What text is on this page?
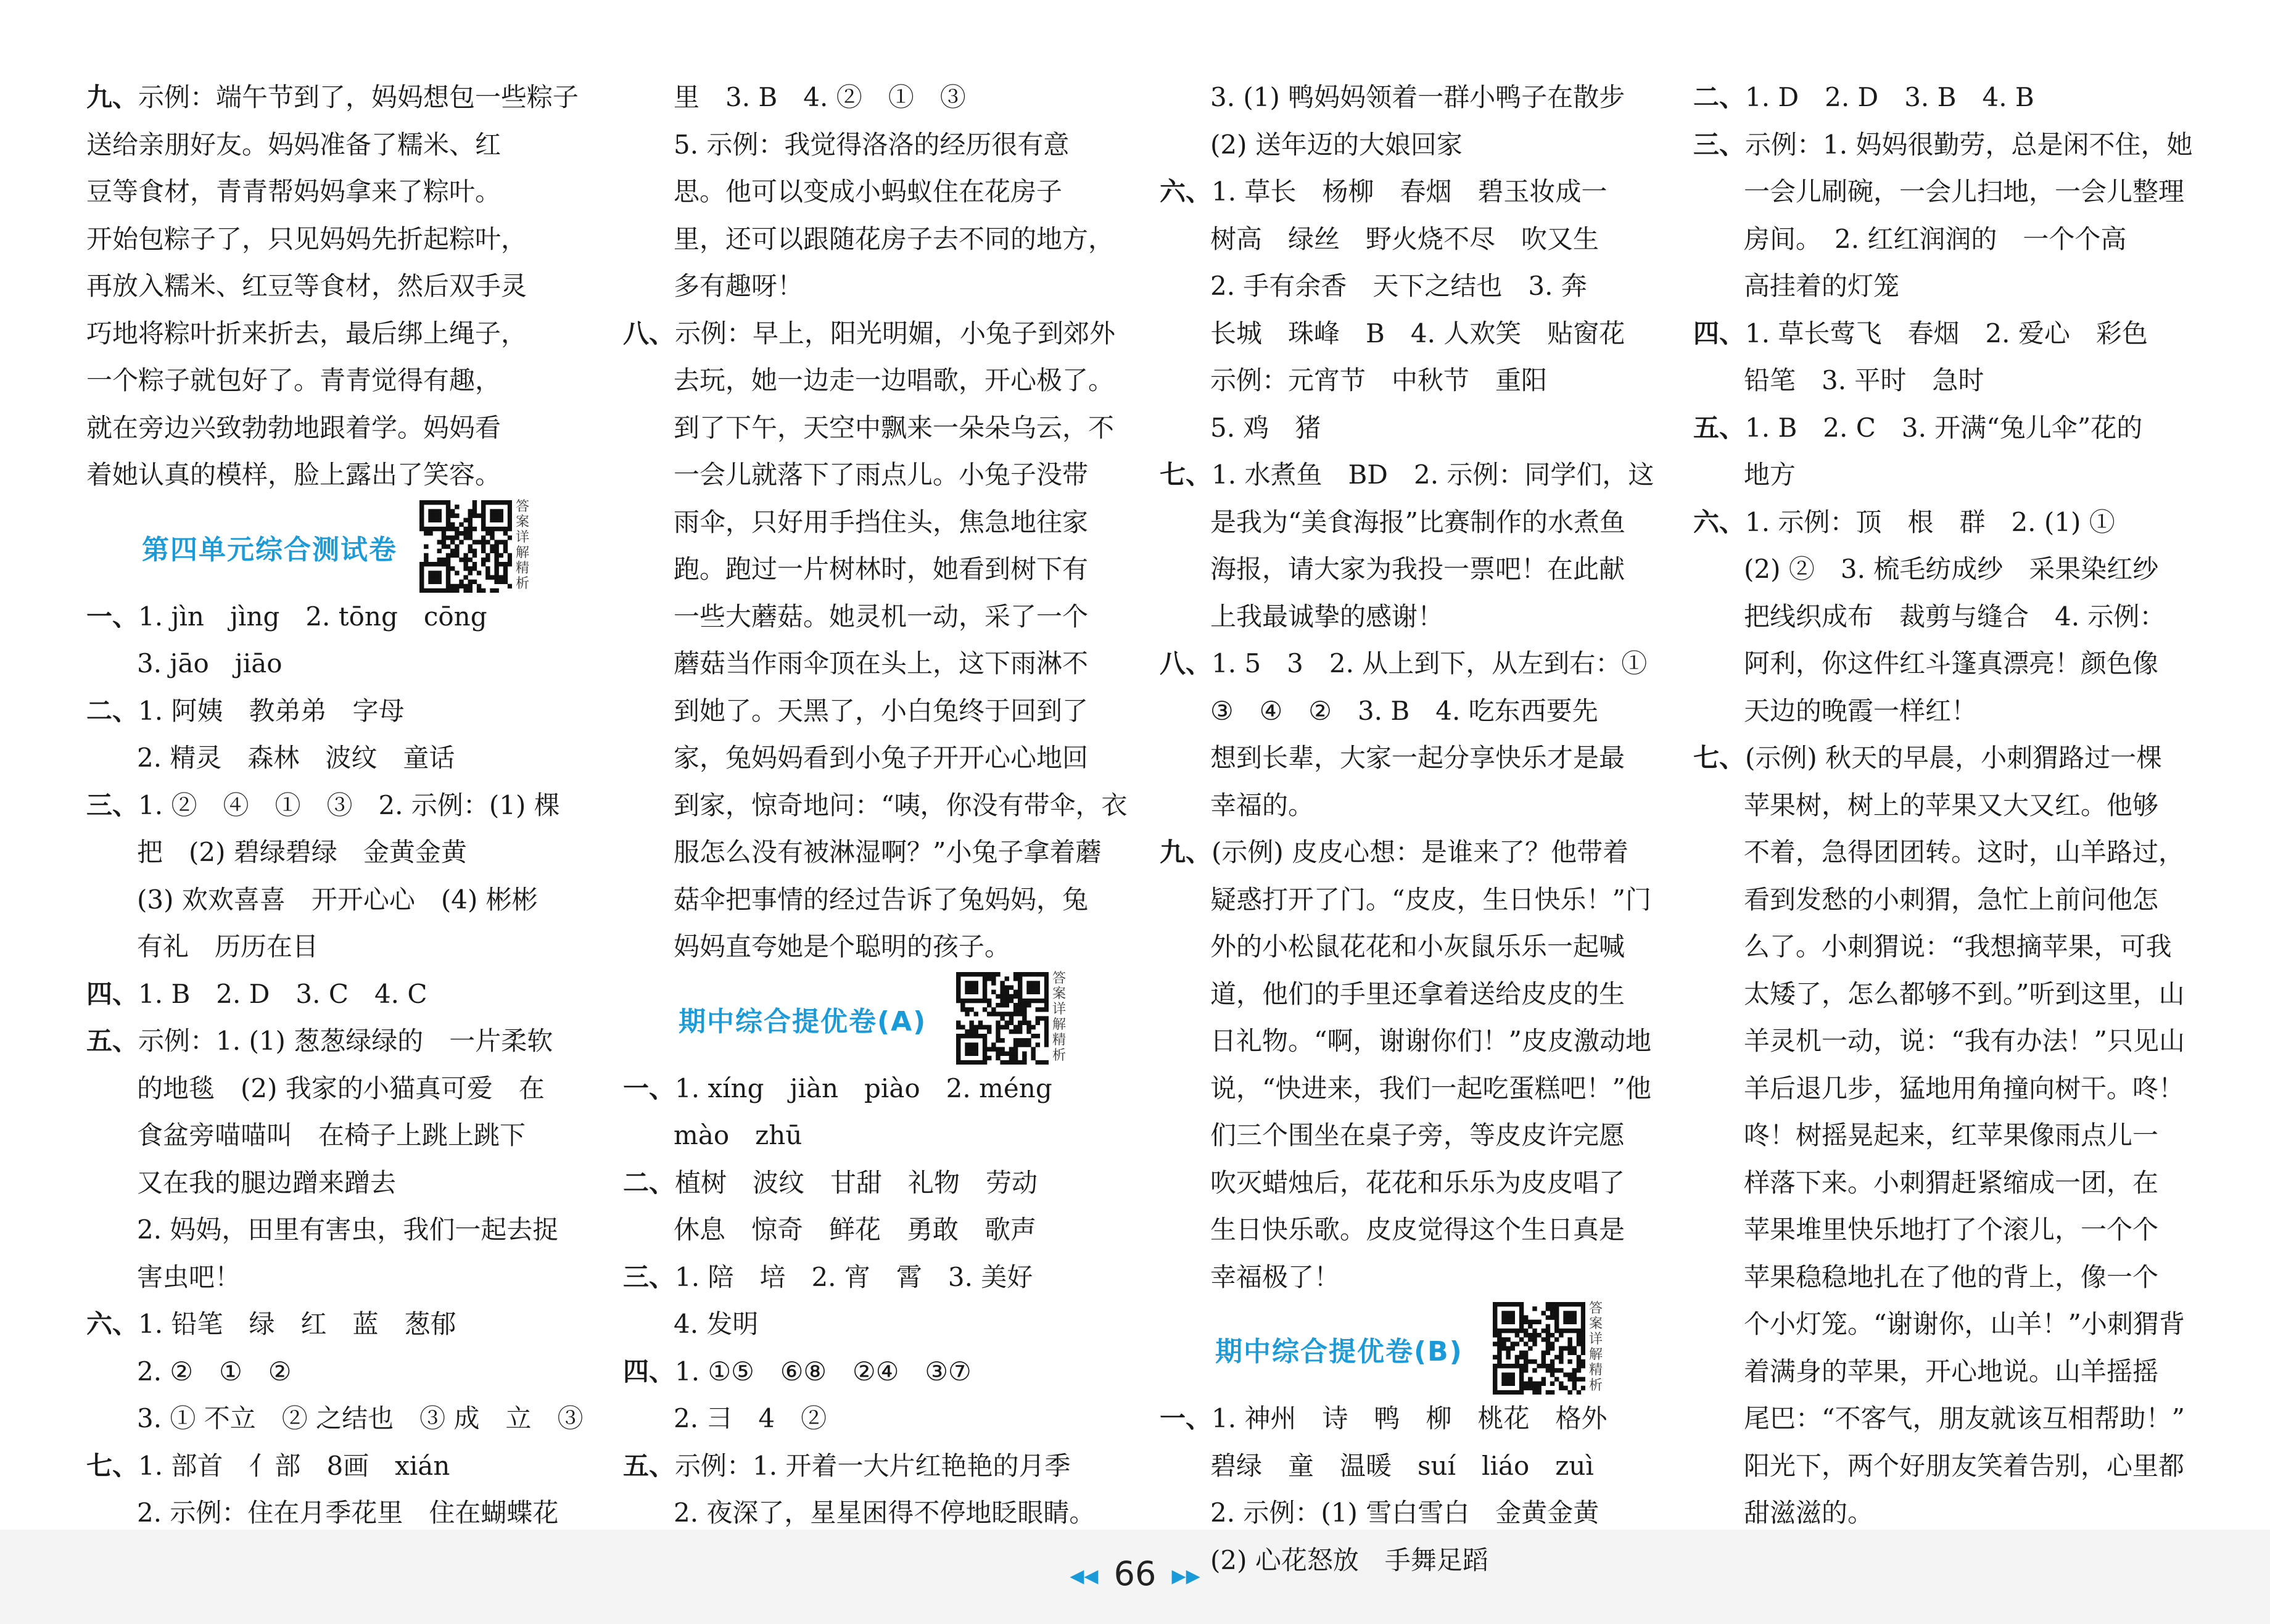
九、示例：端午节到了，妈妈想包一些粽子
送给亲朋好友。妈妈准备了糯米、红
豆等食材，青青帮妈妈拿来了粽叶。
开始包粽子了，只见妈妈先折起粽叶，
再放入糯米、红豆等食材，然后双手灵
巧地将粽叶折来折去，最后绑上绳子，
一个粽子就包好了。青青觉得有趣，
就在旁边兴致勃勃地跟着学。妈妈看
着她认真的模样，脸上露出了笑容。
第四单元综合测试卷
答案详解精析
一、1. jìn　jìng　2. tōng　cōng
3. jāo　jiāo
二、1. 阿姨　教弟弟　字母
2. 精灵　森林　波纹　童话
三、1. ②　④　①　③　2. 示例：(1) 棵
把　(2) 碧绿碧绿　金黄金黄
(3) 欢欢喜喜　开开心心　(4) 彬彬
有礼　历历在目
四、1. B　2. D　3. C　4. C
五、示例：1. (1) 葱葱绿绿的　一片柔软
的地毯　(2) 我家的小猫真可爱　在
食盆旁喵喵叫　在椅子上跳上跳下
又在我的腿边蹭来蹭去
2. 妈妈，田里有害虫，我们一起去捉
害虫吧！
六、1. 铅笔　绿　红　蓝　葱郁
2. ②　①　②
3. ① 不立　② 之结也　③ 成　立　③
七、1. 部首　亻部　8画　xián
2. 示例：住在月季花里　住在蝴蝶花
里　3. B　4. ②　①　③
5. 示例：我觉得洛洛的经历很有意
思。他可以变成小蚂蚁住在花房子
里，还可以跟随花房子去不同的地方，
多有趣呀！
八、示例：早上，阳光明媚，小兔子到郊外
去玩，她一边走一边唱歌，开心极了。
到了下午，天空中飘来一朵朵乌云，不
一会儿就落下了雨点儿。小兔子没带
雨伞，只好用手挡住头，焦急地往家
跑。跑过一片树林时，她看到树下有
一些大蘑菇。她灵机一动，采了一个
蘑菇当作雨伞顶在头上，这下雨淋不
到她了。天黑了，小白兔终于回到了
家，兔妈妈看到小兔子开开心心地回
到家，惊奇地问：“咦，你没有带伞，衣
服怎么没有被淋湿啊？”小兔子拿着蘑
菇伞把事情的经过告诉了兔妈妈，兔
妈妈直夸她是个聪明的孩子。
期中综合提优卷(A)
答案详解精析
一、1. xíng　jiàn　piào　2. méng
mào　zhū
二、植树　波纹　甘甜　礼物　劳动
休息　惊奇　鲜花　勇敢　歌声
三、1. 陪　培　2. 宵　霄　3. 美好
4. 发明
四、1. ①⑤　⑥⑧　②④　③⑦
2. ⺕　4　②
五、示例：1. 开着一大片红艳艳的月季
2. 夜深了，星星困得不停地眨眼睛。
3. (1) 鸭妈妈领着一群小鸭子在散步
(2) 送年迈的大娘回家
六、1. 草长　杨柳　春烟　碧玉妆成一
树高　绿丝　野火烧不尽　吹又生
2. 手有余香　天下之结也　3. 奔
长城　珠峰　B　4. 人欢笑　贴窗花
示例：元宵节　中秋节　重阳
5. 鸡　猪
七、1. 水煮鱼　BD　2. 示例：同学们，这
是我为“美食海报”比赛制作的水煮鱼
海报，请大家为我投一票吧！在此献
上我最诚挚的感谢！
八、1. 5　3　2. 从上到下，从左到右：①
③　④　②　3. B　4. 吃东西要先
想到长辈，大家一起分享快乐才是最
幸福的。
九、(示例) 皮皮心想：是谁来了？他带着
疑惑打开了门。“皮皮，生日快乐！”门
外的小松鼠花花和小灰鼠乐乐一起喊
道，他们的手里还拿着送给皮皮的生
日礼物。“啊，谢谢你们！”皮皮激动地
说，“快进来，我们一起吃蛋糕吧！”他
们三个围坐在桌子旁，等皮皮许完愿
吹灭蜡烛后，花花和乐乐为皮皮唱了
生日快乐歌。皮皮觉得这个生日真是
幸福极了！
期中综合提优卷(B)
答案详解精析
一、1. 神州　诗　鸭　柳　桃花　格外
碧绿　童　温暖　suí　liáo　zuì
2. 示例：(1) 雪白雪白　金黄金黄
(2) 心花怒放　手舞足蹈
二、1. D　2. D　3. B　4. B
三、示例：1. 妈妈很勤劳，总是闲不住，她
一会儿刷碗，一会儿扫地，一会儿整理
房间。　2. 红红润润的　一个个高
高挂着的灯笼
四、1. 草长莺飞　春烟　2. 爱心　彩色
铅笔　3. 平时　急时
五、1. B　2. C　3. 开满“兔儿伞”花的
地方
六、1. 示例：顶　根　群　2. (1) ①
(2) ②　3. 梳毛纺成纱　采果染红纱
把线织成布　裁剪与缝合　4. 示例：
阿利，你这件红斗篷真漂亮！颜色像
天边的晚霞一样红！
七、(示例) 秋天的早晨，小刺猬路过一棵
苹果树，树上的苹果又大又红。他够
不着，急得团团转。这时，山羊路过，
看到发愁的小刺猬，急忙上前问他怎
么了。小刺猬说：“我想摘苹果，可我
太矮了，怎么都够不到。”听到这里，山
羊灵机一动，说：“我有办法！”只见山
羊后退几步，猛地用角撞向树干。咚！
咚！树摇晃起来，红苹果像雨点儿一
样落下来。小刺猬赶紧缩成一团，在
苹果堆里快乐地打了个滚儿，一个个
苹果稳稳地扎在了他的背上，像一个
个小灯笼。“谢谢你，山羊！”小刺猬背
着满身的苹果，开心地说。山羊摇摇
尾巴：“不客气，朋友就该互相帮助！”
阳光下，两个好朋友笑着告别，心里都
甜滋滋的。
◀◀ 66 ▶▶
